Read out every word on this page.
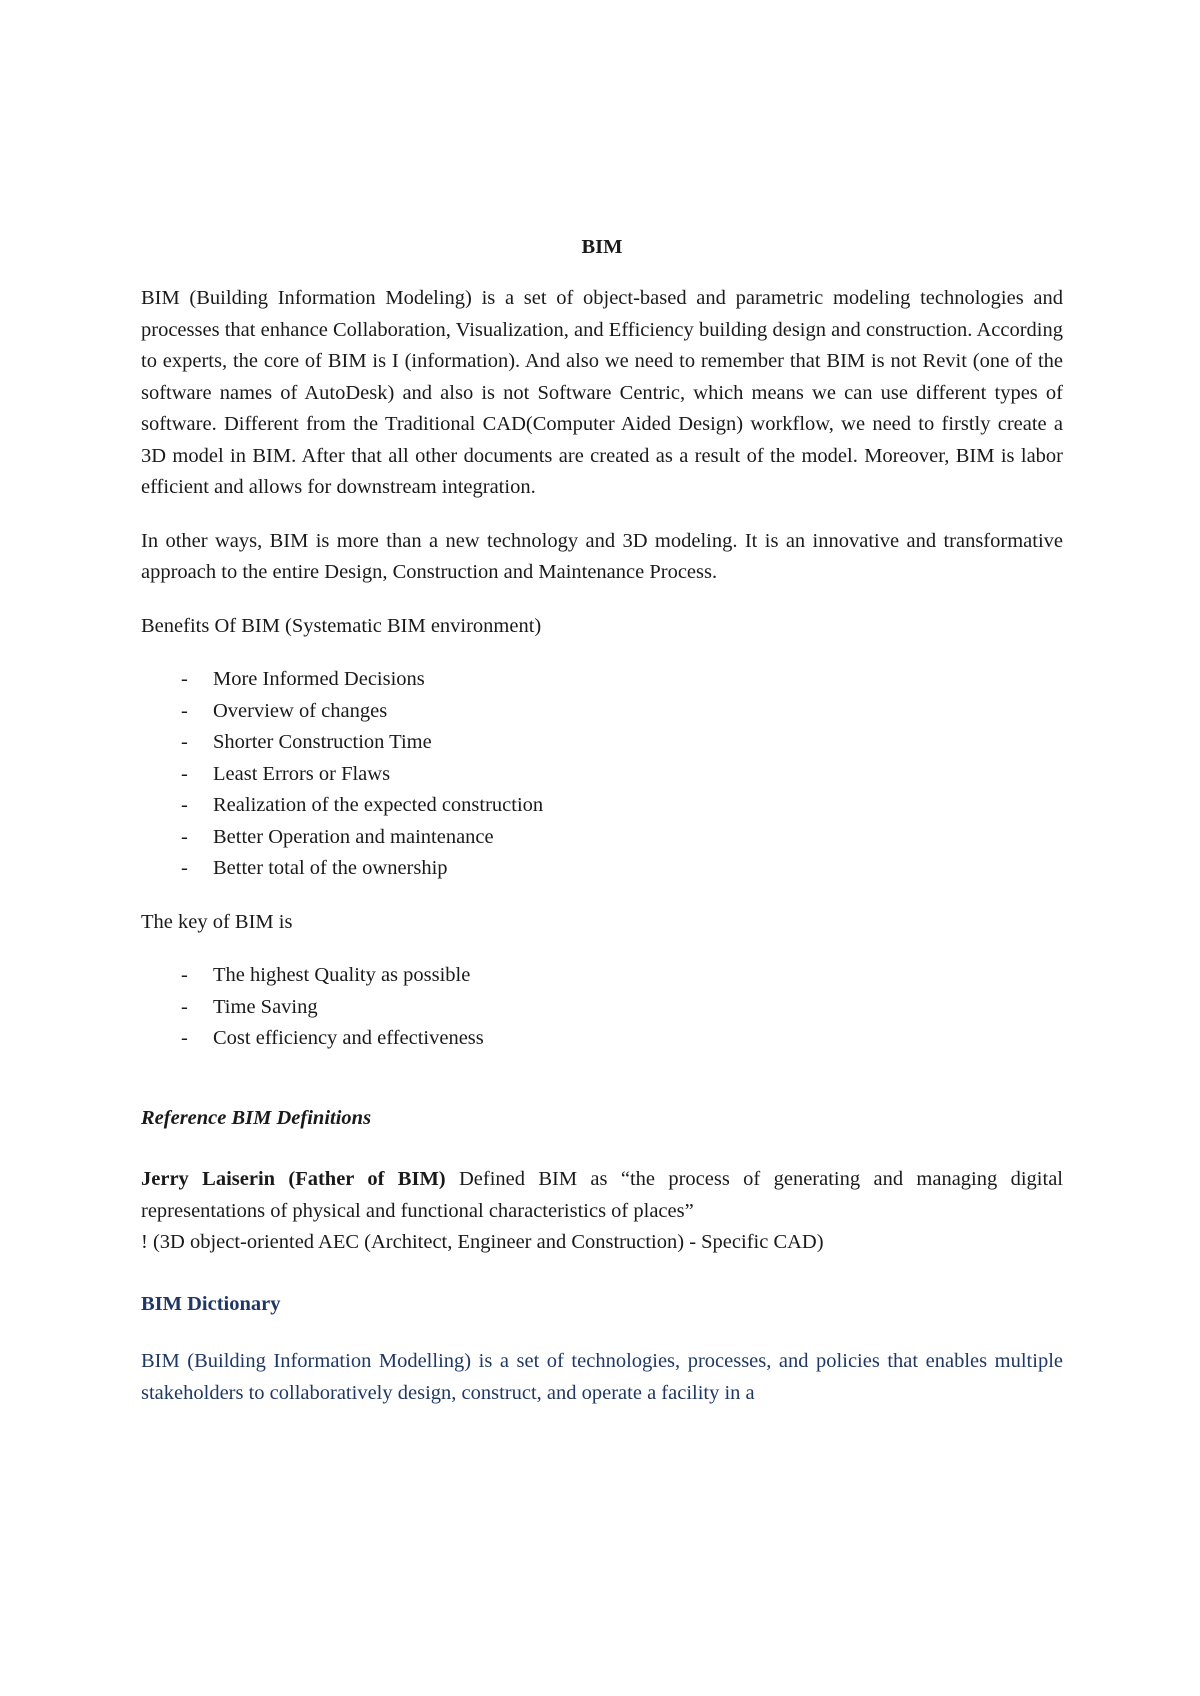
BIM

BIM (Building Information Modeling) is a set of object-based and parametric modeling technologies and processes that enhance Collaboration, Visualization, and Efficiency building design and construction. According to experts, the core of BIM is I (information). And also we need to remember that BIM is not Revit (one of the software names of AutoDesk) and also is not Software Centric, which means we can use different types of software. Different from the Traditional CAD(Computer Aided Design) workflow, we need to firstly create a 3D model in BIM. After that all other documents are created as a result of the model. Moreover, BIM is labor efficient and allows for downstream integration.

In other ways, BIM is more than a new technology and 3D modeling. It is an innovative and transformative approach to the entire Design, Construction and Maintenance Process.

Benefits Of BIM (Systematic BIM environment)

- More Informed Decisions
- Overview of changes
- Shorter Construction Time
- Least Errors or Flaws
- Realization of the expected construction
- Better Operation and maintenance
- Better total of the ownership

The key of BIM is

- The highest Quality as possible
- Time Saving
- Cost efficiency and effectiveness

Reference BIM Definitions

Jerry Laiserin (Father of BIM) Defined BIM as “the process of generating and managing digital representations of physical and functional characteristics of places”
! (3D object-oriented AEC (Architect, Engineer and Construction) - Specific CAD)

BIM Dictionary

BIM (Building Information Modelling) is a set of technologies, processes, and policies that enables multiple stakeholders to collaboratively design, construct, and operate a facility in a
